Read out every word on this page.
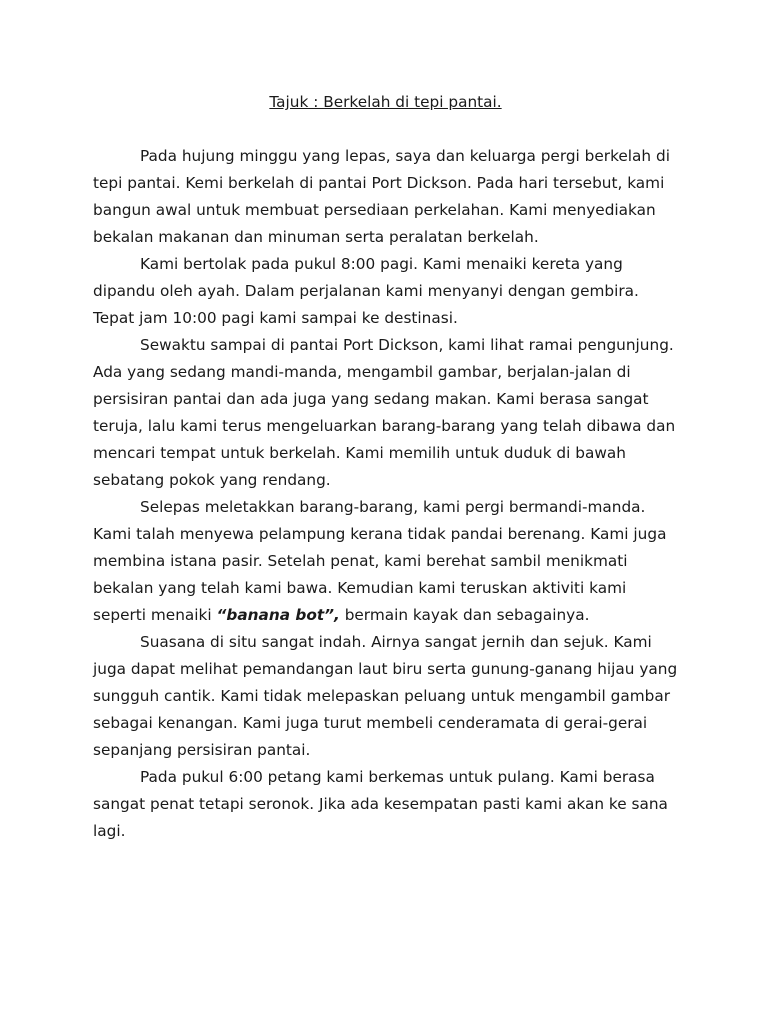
Tajuk : Berkelah di tepi pantai.

Pada hujung minggu yang lepas, saya dan keluarga pergi berkelah di tepi pantai. Kemi berkelah di pantai Port Dickson. Pada hari tersebut, kami bangun awal untuk membuat persediaan perkelahan. Kami menyediakan bekalan makanan dan minuman serta peralatan berkelah.

Kami bertolak pada pukul 8:00 pagi. Kami menaiki kereta yang dipandu oleh ayah. Dalam perjalanan kami menyanyi dengan gembira. Tepat jam 10:00 pagi kami sampai ke destinasi.

Sewaktu sampai di pantai Port Dickson, kami lihat ramai pengunjung. Ada yang sedang mandi-manda, mengambil gambar, berjalan-jalan di persisiran pantai dan ada juga yang sedang makan. Kami berasa sangat teruja, lalu kami terus mengeluarkan barang-barang yang telah dibawa dan mencari tempat untuk berkelah. Kami memilih untuk duduk di bawah sebatang pokok yang rendang.

Selepas meletakkan barang-barang, kami pergi bermandi-manda. Kami talah menyewa pelampung kerana tidak pandai berenang. Kami juga membina istana pasir. Setelah penat, kami berehat sambil menikmati bekalan yang telah kami bawa. Kemudian kami teruskan aktiviti kami seperti menaiki “banana bot”, bermain kayak dan sebagainya.

Suasana di situ sangat indah. Airnya sangat jernih dan sejuk. Kami juga dapat melihat pemandangan laut biru serta gunung-ganang hijau yang sungguh cantik. Kami tidak melepaskan peluang untuk mengambil gambar sebagai kenangan. Kami juga turut membeli cenderamata di gerai-gerai sepanjang persisiran pantai.

Pada pukul 6:00 petang kami berkemas untuk pulang. Kami berasa sangat penat tetapi seronok. Jika ada kesempatan pasti kami akan ke sana lagi.
